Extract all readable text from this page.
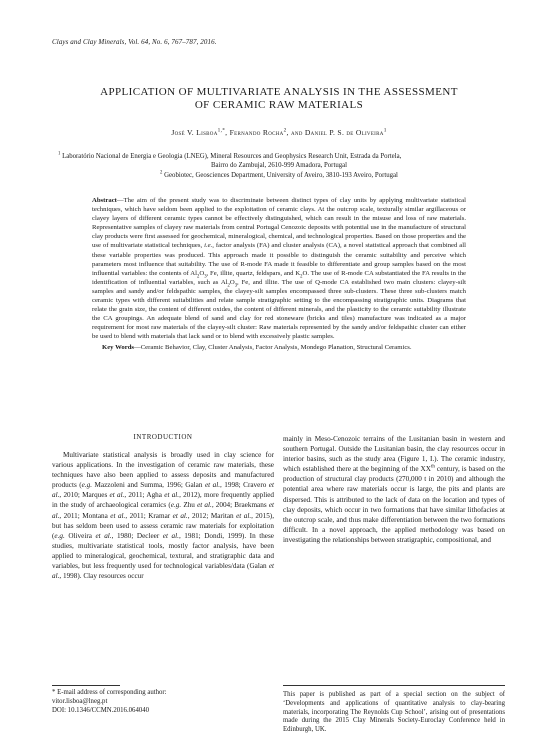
Clays and Clay Minerals, Vol. 64, No. 6, 767–787, 2016.
APPLICATION OF MULTIVARIATE ANALYSIS IN THE ASSESSMENT
OF CERAMIC RAW MATERIALS
José V. Lisboa$^{1,*}$, Fernando Rocha$^2$, and Daniel P. S. de Oliveira$^1$
$^1$ Laboratório Nacional de Energia e Geologia (LNEG), Mineral Resources and Geophysics Research Unit, Estrada da Portela,
Bairro do Zambujal, 2610-999 Amadora, Portugal
$^2$ Geobiotec, Geosciences Department, University of Aveiro, 3810-193 Aveiro, Portugal
Abstract—The aim of the present study was to discriminate between distinct types of clay units by applying multivariate statistical techniques, which have seldom been applied to the exploitation of ceramic clays. At the outcrop scale, texturally similar argillaceous or clayey layers of different ceramic types cannot be effectively distinguished, which can result in the misuse and loss of raw materials. Representative samples of clayey raw materials from central Portugal Cenozoic deposits with potential use in the manufacture of structural clay products were first assessed for geochemical, mineralogical, chemical, and technological properties. Based on those properties and the use of multivariate statistical techniques, i.e., factor analysis (FA) and cluster analysis (CA), a novel statistical approach that combined all these variable properties was produced. This approach made it possible to distinguish the ceramic suitability and perceive which parameters most influence that suitability. The use of R-mode FA made it feasible to differentiate and group samples based on the most influential variables: the contents of $Al_2O_3$, Fe, illite, quartz, feldspars, and $K_2O$. The use of R-mode CA substantiated the FA results in the identification of influential variables, such as $Al_2O_3$, Fe, and illite. The use of Q-mode CA established two main clusters: clayey-silt samples and sandy and/or feldspathic samples, the clayey-silt samples encompassed three sub-clusters. These three sub-clusters match ceramic types with different suitabilities and relate sample stratigraphic setting to the encompassing stratigraphic units. Diagrams that relate the grain size, the content of different oxides, the content of different minerals, and the plasticity to the ceramic suitability illustrate the CA groupings. An adequate blend of sand and clay for red stoneware (bricks and tiles) manufacture was indicated as a major requirement for most raw materials of the clayey-silt cluster: Raw materials represented by the sandy and/or feldspathic cluster can either be used to blend with materials that lack sand or to blend with excessively plastic samples.
Key Words—Ceramic Behavior, Clay, Cluster Analysis, Factor Analysis, Mondego Planation, Structural Ceramics.
INTRODUCTION

Multivariate statistical analysis is broadly used in clay science for various applications. In the investigation of ceramic raw materials, these techniques have also been applied to assess deposits and manufactured products (e.g. Mazzoleni and Summa, 1996; Galan et al., 1998; Cravero et al., 2010; Marques et al., 2011; Agha et al., 2012), more frequently applied in the study of archaeological ceramics (e.g. Zhu et al., 2004; Braekmans et al., 2011; Montana et al., 2011; Kramar et al., 2012; Maritan et al., 2015), but has seldom been used to assess ceramic raw materials for exploitation (e.g. Oliveira et al., 1980; Decleer et al., 1981; Dondi, 1999). In these studies, multivariate statistical tools, mostly factor analysis, have been applied to mineralogical, geochemical, textural, and stratigraphic data and variables, but less frequently used for technological variables/data (Galan et al., 1998). Clay resources occur

mainly in Meso-Cenozoic terrains of the Lusitanian basin in western and southern Portugal. Outside the Lusitanian basin, the clay resources occur in interior basins, such as the study area (Figure 1, I.). The ceramic industry, which established there at the beginning of the XXth century, is based on the production of structural clay products (270,000 t in 2010) and although the potential area where raw materials occur is large, the pits and plants are dispersed. This is attributed to the lack of data on the location and types of clay deposits, which occur in two formations that have similar lithofacies at the outcrop scale, and thus make differentiation between the two formations difficult. In a novel approach, the applied methodology was based on investigating the relationships between stratigraphic, compositional, and

This paper is published as part of a special section on the subject of ‘Developments and applications of quantitative analysis to clay-bearing materials, incorporating The Reynolds Cup School’, arising out of presentations made during the 2015 Clay Minerals Society-Euroclay Conference held in Edinburgh, UK.
* E-mail address of corresponding author:
vitor.lisboa@lneg.pt
DOI: 10.1346/CCMN.2016.064040
